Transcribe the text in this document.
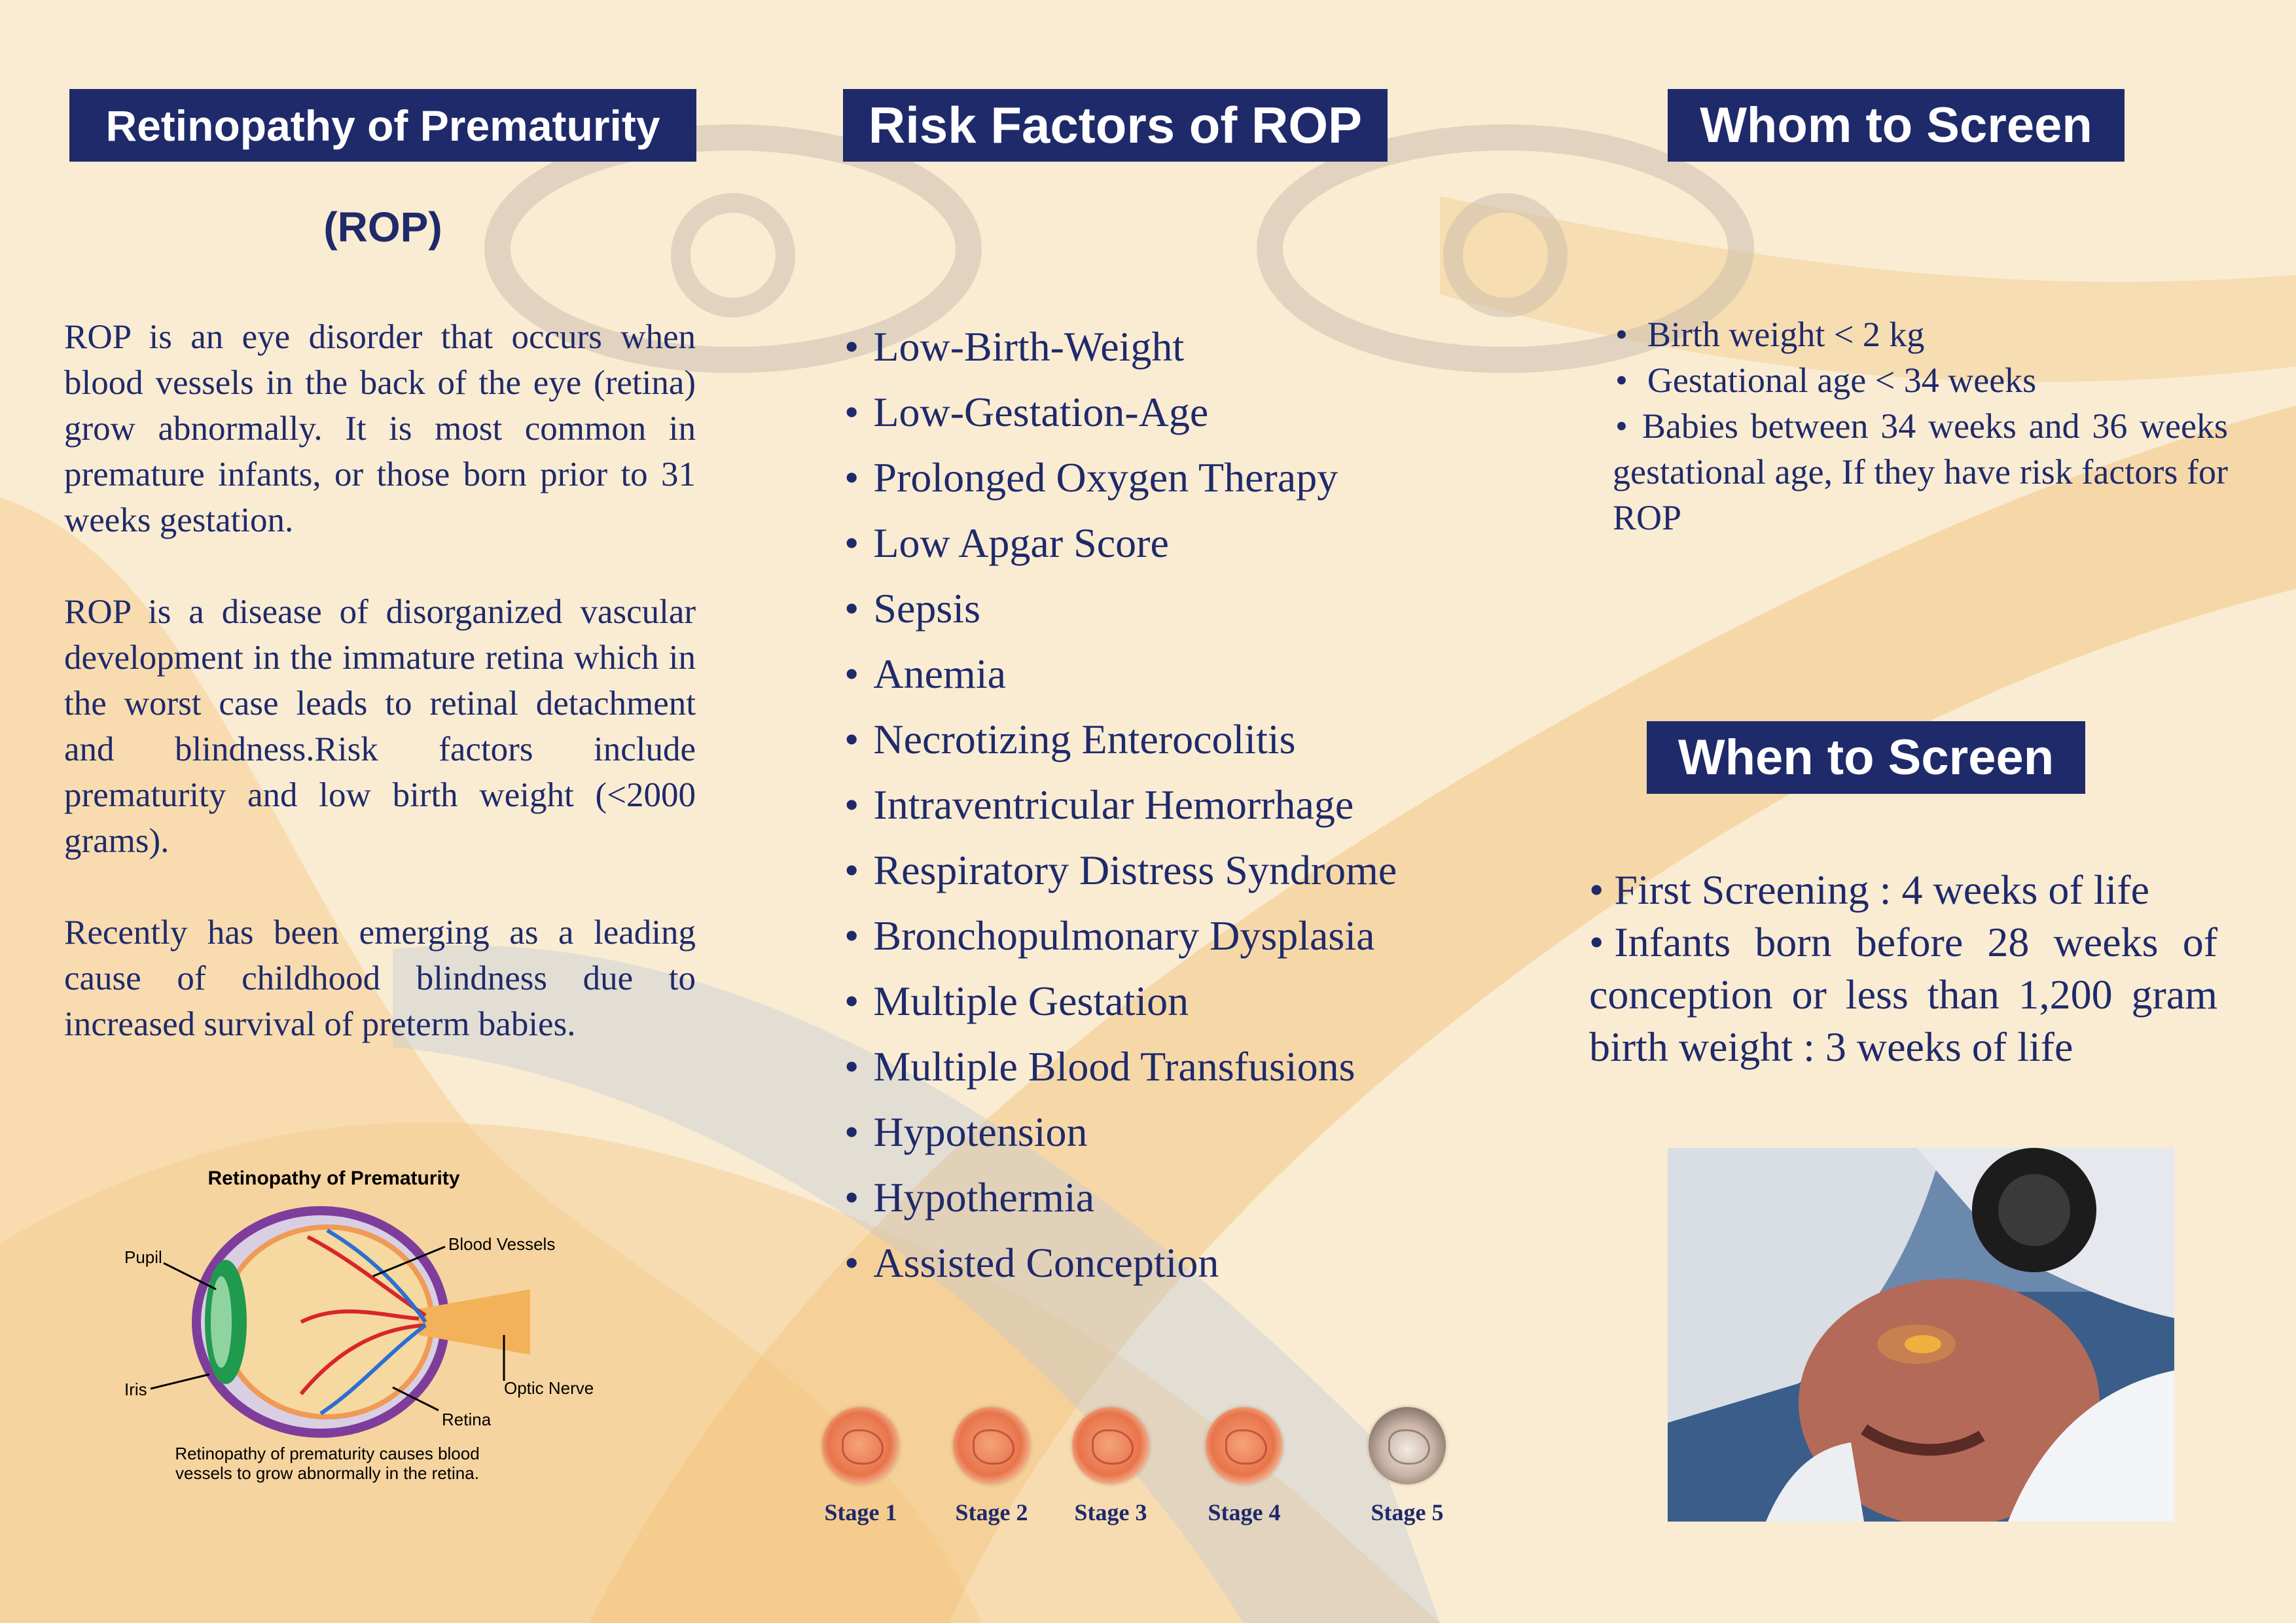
Retinopathy of Prematurity
(ROP)

ROP is an eye disorder that occurs when blood vessels in the back of the eye (retina) grow abnormally. It is most common in premature infants, or those born prior to 31 weeks gestation.

ROP is a disease of disorganized vascular development in the immature retina which in the worst case leads to retinal detachment and blindness.Risk factors include prematurity and low birth weight (<2000 grams).

Recently has been emerging as a leading cause of childhood blindness due to increased survival of preterm babies.

Retinopathy of Prematurity
Pupil
Iris
Blood Vessels
Optic Nerve
Retina
Retinopathy of prematurity causes blood
vessels to grow abnormally in the retina.
Risk Factors of ROP
• Low-Birth-Weight
• Low-Gestation-Age
• Prolonged Oxygen Therapy
• Low Apgar Score
• Sepsis
• Anemia
• Necrotizing Enterocolitis
• Intraventricular Hemorrhage
• Respiratory Distress Syndrome
• Bronchopulmonary Dysplasia
• Multiple Gestation
• Multiple Blood Transfusions
• Hypotension
• Hypothermia
• Assisted Conception
Stage 1	Stage 2	Stage 3	Stage 4	Stage 5
Whom to Screen
• Birth weight < 2 kg
• Gestational age < 34 weeks
• Babies between 34 weeks and 36 weeks gestational age, If they have risk factors for ROP
When to Screen
• First Screening : 4 weeks of life
• Infants born before 28 weeks of conception or less than 1,200 gram birth weight : 3 weeks of life
